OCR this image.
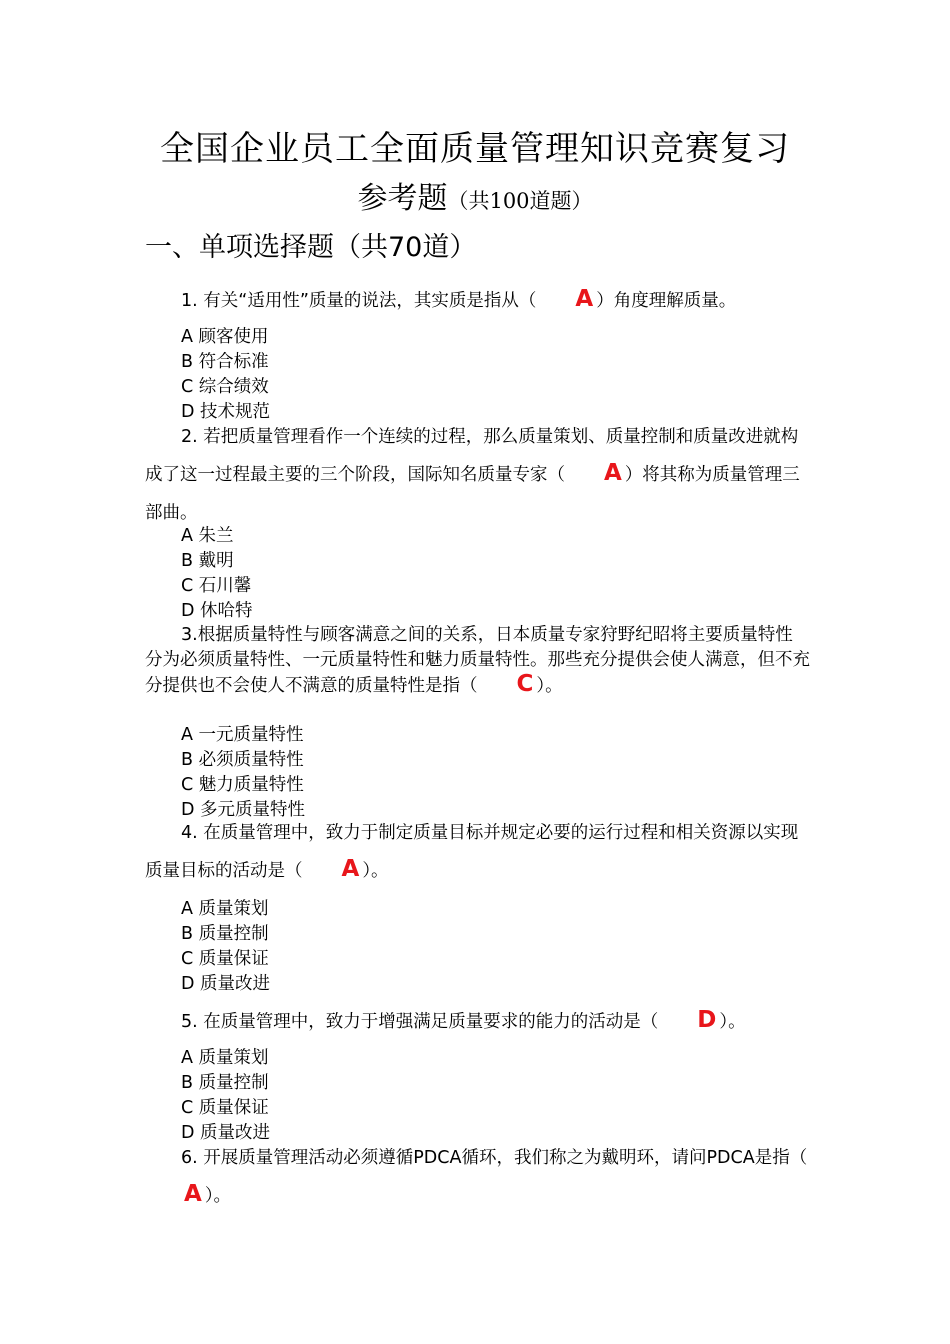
全国企业员工全面质量管理知识竞赛复习
参考题（共100道题）
一、单项选择题（共70道）

1. 有关“适用性”质量的说法，其实质是指从（ A ）角度理解质量。

A 顾客使用
B 符合标准
C 综合绩效
D 技术规范

2. 若把质量管理看作一个连续的过程，那么质量策划、质量控制和质量改进就构成了这一过程最主要的三个阶段，国际知名质量专家（ A ）将其称为质量管理三部曲。

A 朱兰
B 戴明
C 石川馨
D 休哈特

3.根据质量特性与顾客满意之间的关系，日本质量专家狩野纪昭将主要质量特性分为必须质量特性、一元质量特性和魅力质量特性。那些充分提供会使人满意，但不充分提供也不会使人不满意的质量特性是指（ C ）。

A 一元质量特性
B 必须质量特性
C 魅力质量特性
D 多元质量特性

4. 在质量管理中，致力于制定质量目标并规定必要的运行过程和相关资源以实现质量目标的活动是（ A ）。

A 质量策划
B 质量控制
C 质量保证
D 质量改进

5. 在质量管理中，致力于增强满足质量要求的能力的活动是（ D ）。

A 质量策划
B 质量控制
C 质量保证
D 质量改进

6. 开展质量管理活动必须遵循PDCA循环，我们称之为戴明环，请问PDCA是指（A ）。
